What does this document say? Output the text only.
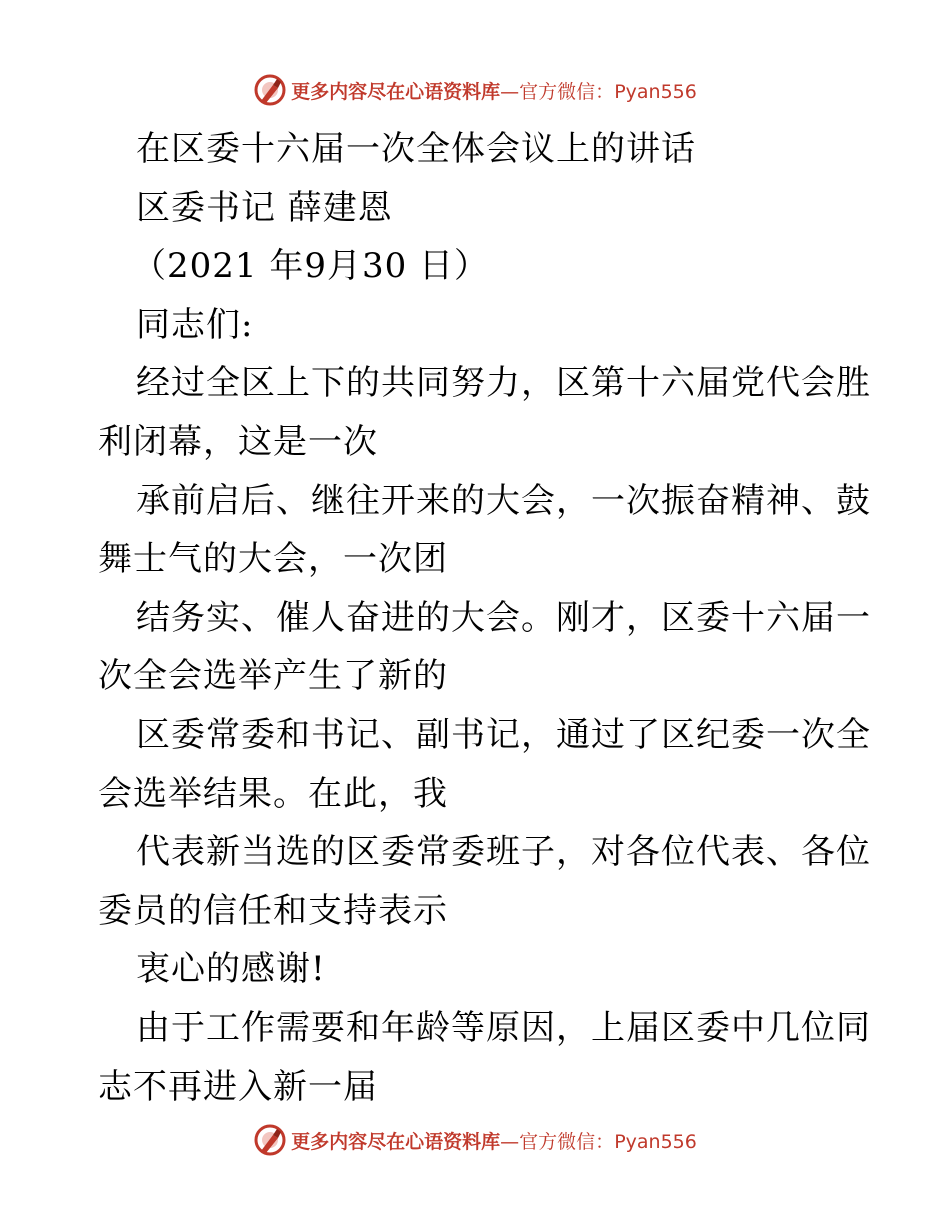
更多内容尽在心语资料库—官方微信：Pyan556
在区委十六届一次全体会议上的讲话
区委书记 薛建恩
（2021 年9月30 日）
同志们:
经过全区上下的共同努力，区第十六届党代会胜
利闭幕，这是一次
承前启后、继往开来的大会，一次振奋精神、鼓
舞士气的大会，一次团
结务实、催人奋进的大会。刚才，区委十六届一
次全会选举产生了新的
区委常委和书记、副书记，通过了区纪委一次全
会选举结果。在此，我
代表新当选的区委常委班子，对各位代表、各位
委员的信任和支持表示
衷心的感谢!
由于工作需要和年龄等原因，上届区委中几位同
志不再进入新一届
更多内容尽在心语资料库—官方微信：Pyan556
